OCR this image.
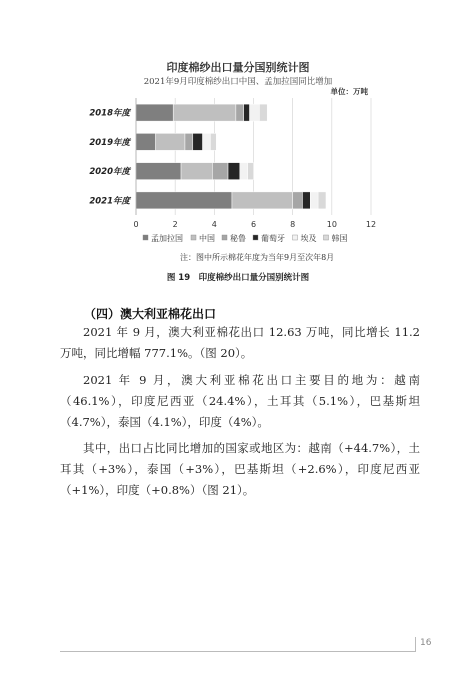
印度棉纱出口量分国别统计图
2021年9月印度棉纱出口中国、孟加拉国同比增加
单位：万吨
0	2	4	6	8	10	12
2018年度
2019年度
2020年度
2021年度
孟加拉国 中国 秘鲁 葡萄牙 埃及 韩国
注：图中所示棉花年度为当年9月至次年8月
图 19　印度棉纱出口量分国别统计图
（四）澳大利亚棉花出口

2021 年 9 月，澳大利亚棉花出口 12.63 万吨，同比增长 11.2 万吨，同比增幅 777.1%。（图 20）。

2021 年 9 月，澳大利亚棉花出口主要目的地为：越南（46.1%），印度尼西亚（24.4%），土耳其（5.1%），巴基斯坦（4.7%），泰国（4.1%），印度（4%）。

其中，出口占比同比增加的国家或地区为：越南（+44.7%），土耳其（+3%），泰国（+3%），巴基斯坦（+2.6%），印度尼西亚（+1%），印度（+0.8%）（图 21）。

16
